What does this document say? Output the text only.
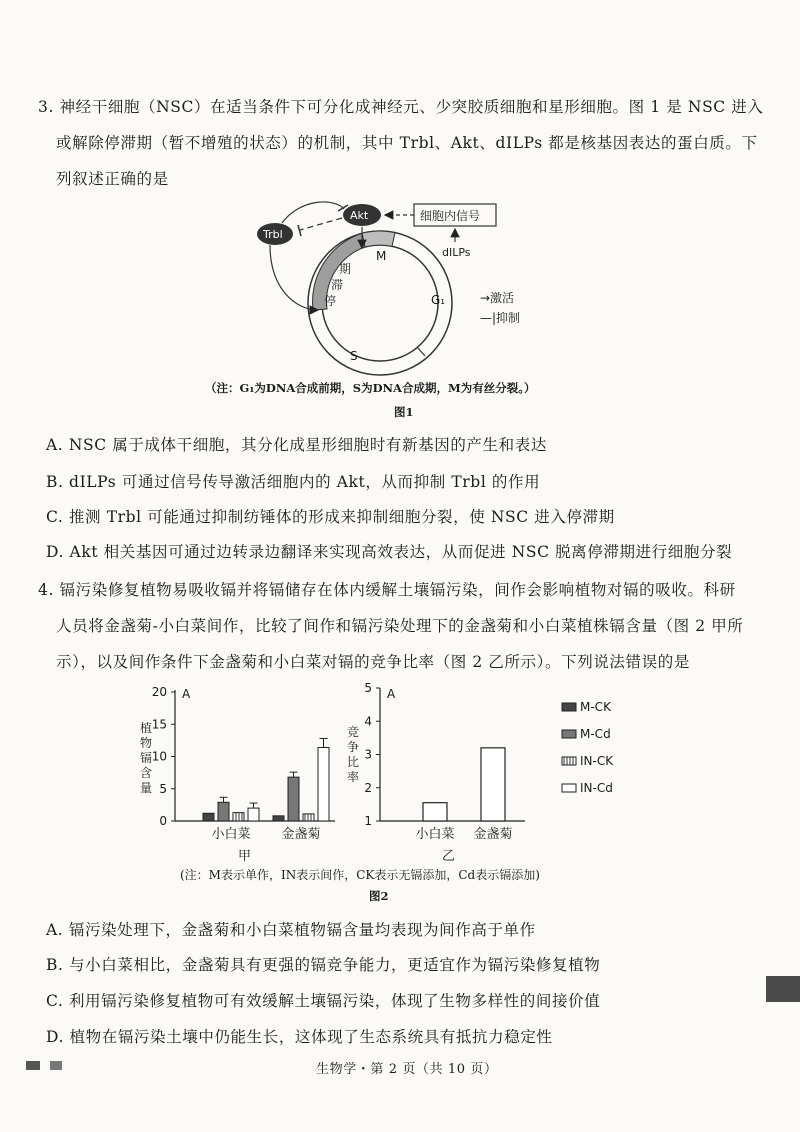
3. 神经干细胞（NSC）在适当条件下可分化成神经元、少突胶质细胞和星形细胞。图 1 是 NSC 进入
或解除停滞期（暂不增殖的状态）的机制，其中 Trbl、Akt、dILPs 都是核基因表达的蛋白质。下
列叙述正确的是
M
G₁
S
期
滞
停
Akt
Trbl
细胞内信号
dILPs
→激活
—|抑制
（注：G₁为DNA合成前期，S为DNA合成期，M为有丝分裂。）
图1
A. NSC 属于成体干细胞，其分化成星形细胞时有新基因的产生和表达
B. dILPs 可通过信号传导激活细胞内的 Akt，从而抑制 Trbl 的作用
C. 推测 Trbl 可能通过抑制纺锤体的形成来抑制细胞分裂，使 NSC 进入停滞期
D. Akt 相关基因可通过边转录边翻译来实现高效表达，从而促进 NSC 脱离停滞期进行细胞分裂
4. 镉污染修复植物易吸收镉并将镉储存在体内缓解土壤镉污染，间作会影响植物对镉的吸收。科研
人员将金盏菊-小白菜间作，比较了间作和镉污染处理下的金盏菊和小白菜植株镉含量（图 2 甲所
示），以及间作条件下金盏菊和小白菜对镉的竞争比率（图 2 乙所示）。下列说法错误的是
A
0
5
10
15
20
小白菜 金盏菊
甲
植
物
镉
含
量
A
1
2
3
4
5
小白菜 金盏菊
乙
竞
争
比
率
M-CK
M-Cd
IN-CK
IN-Cd
(注：M表示单作，IN表示间作，CK表示无镉添加，Cd表示镉添加)
图2
A. 镉污染处理下，金盏菊和小白菜植物镉含量均表现为间作高于单作
B. 与小白菜相比，金盏菊具有更强的镉竞争能力，更适宜作为镉污染修复植物
C. 利用镉污染修复植物可有效缓解土壤镉污染，体现了生物多样性的间接价值
D. 植物在镉污染土壤中仍能生长，这体现了生态系统具有抵抗力稳定性
生物学・第 2 页（共 10 页）
